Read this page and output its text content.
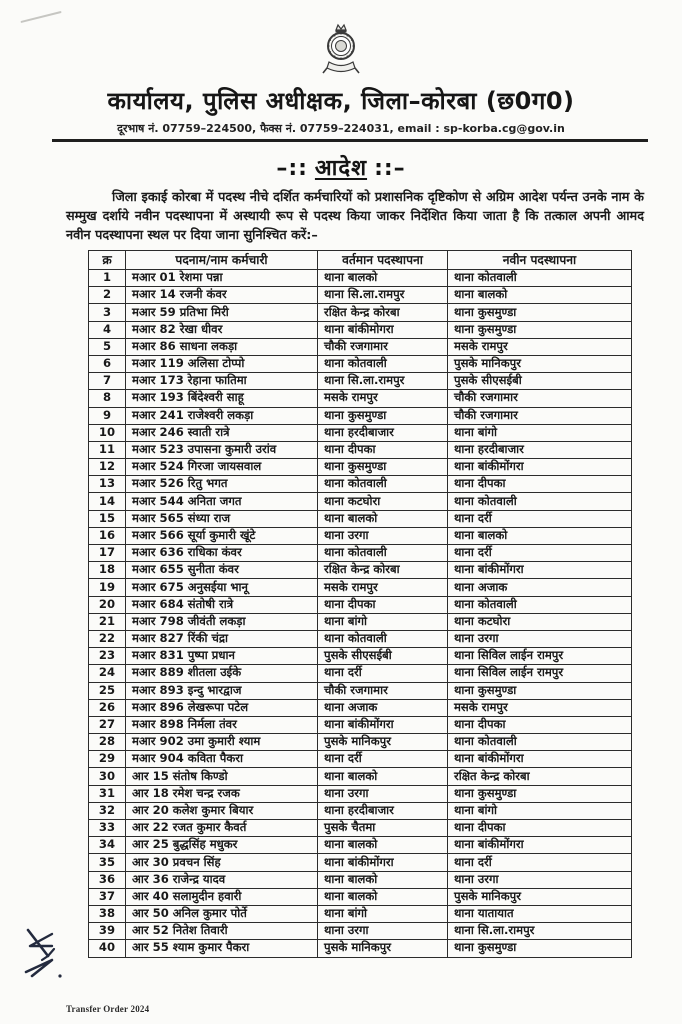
कार्यालय, पुलिस अधीक्षक, जिला–कोरबा (छ0ग0)
दूरभाष नं. 07759–224500, फैक्स नं. 07759–224031, email : sp-korba.cg@gov.in
–:: आदेश ::–
जिला इकाई कोरबा में पदस्थ नीचे दर्शित कर्मचारियों को प्रशासनिक दृष्टिकोण से अग्रिम आदेश पर्यन्त उनके नाम के सम्मुख दर्शाये नवीन पदस्थापना में अस्थायी रूप से पदस्थ किया जाकर निर्देशित किया जाता है कि तत्काल अपनी आमद नवीन पदस्थापना स्थल पर दिया जाना सुनिश्चित करें:–
क्र	पदनाम/नाम कर्मचारी	वर्तमान पदस्थापना	नवीन पदस्थापना
1	मआर 01 रेशमा पन्ना	थाना बालको	थाना कोतवाली
2	मआर 14 रजनी कंवर	थाना सि.ला.रामपुर	थाना बालको
3	मआर 59 प्रतिभा मिरी	रक्षित केन्द्र कोरबा	थाना कुसमुण्डा
4	मआर 82 रेखा धीवर	थाना बांकीमोगरा	थाना कुसमुण्डा
5	मआर 86 साधना लकड़ा	चौकी रजगामार	मसके रामपुर
6	मआर 119 अलिसा टोप्पो	थाना कोतवाली	पुसके मानिकपुर
7	मआर 173 रेहाना फातिमा	थाना सि.ला.रामपुर	पुसके सीएसईबी
8	मआर 193 बिंदेश्वरी साहू	मसके रामपुर	चौकी रजगामार
9	मआर 241 राजेश्वरी लकड़ा	थाना कुसमुण्डा	चौकी रजगामार
10	मआर 246 स्वाती रात्रे	थाना हरदीबाजार	थाना बांगो
11	मआर 523 उपासना कुमारी उरांव	थाना दीपका	थाना हरदीबाजार
12	मआर 524 गिरजा जायसवाल	थाना कुसमुण्डा	थाना बांकीमोंगरा
13	मआर 526 रितु भगत	थाना कोतवाली	थाना दीपका
14	मआर 544 अनिता जगत	थाना कटघोरा	थाना कोतवाली
15	मआर 565 संध्या राज	थाना बालको	थाना दर्री
16	मआर 566 सूर्या कुमारी खूंटे	थाना उरगा	थाना बालको
17	मआर 636 राधिका कंवर	थाना कोतवाली	थाना दर्री
18	मआर 655 सुनीता कंवर	रक्षित केन्द्र कोरबा	थाना बांकीमोंगरा
19	मआर 675 अनुसईया भानू	मसके रामपुर	थाना अजाक
20	मआर 684 संतोषी रात्रे	थाना दीपका	थाना कोतवाली
21	मआर 798 जीवंती लकड़ा	थाना बांगो	थाना कटघोरा
22	मआर 827 रिंकी चंद्रा	थाना कोतवाली	थाना उरगा
23	मआर 831 पुष्पा प्रधान	पुसके सीएसईबी	थाना सिविल लाईन रामपुर
24	मआर 889 शीतला उईके	थाना दर्री	थाना सिविल लाईन रामपुर
25	मआर 893 इन्दु भारद्वाज	चौकी रजगामार	थाना कुसमुण्डा
26	मआर 896 लेखरूपा पटेल	थाना अजाक	मसके रामपुर
27	मआर 898 निर्मला तंवर	थाना बांकीमोंगरा	थाना दीपका
28	मआर 902 उमा कुमारी श्याम	पुसके मानिकपुर	थाना कोतवाली
29	मआर 904 कविता पैकरा	थाना दर्री	थाना बांकीमोंगरा
30	आर 15 संतोष किण्डो	थाना बालको	रक्षित केन्द्र कोरबा
31	आर 18 रमेश चन्द्र रजक	थाना उरगा	थाना कुसमुण्डा
32	आर 20 कलेश कुमार बियार	थाना हरदीबाजार	थाना बांगो
33	आर 22 रजत कुमार कैवर्त	पुसके चैतमा	थाना दीपका
34	आर 25 बुद्धसिंह मधुकर	थाना बालको	थाना बांकीमोंगरा
35	आर 30 प्रवचन सिंह	थाना बांकीमोंगरा	थाना दर्री
36	आर 36 राजेन्द्र यादव	थाना बालको	थाना उरगा
37	आर 40 सलामुदीन हवारी	थाना बालको	पुसके मानिकपुर
38	आर 50 अनिल कुमार पोर्ते	थाना बांगो	थाना यातायात
39	आर 52 नितेश तिवारी	थाना उरगा	थाना सि.ला.रामपुर
40	आर 55 श्याम कुमार पैकरा	पुसके मानिकपुर	थाना कुसमुण्डा
Transfer Order 2024
